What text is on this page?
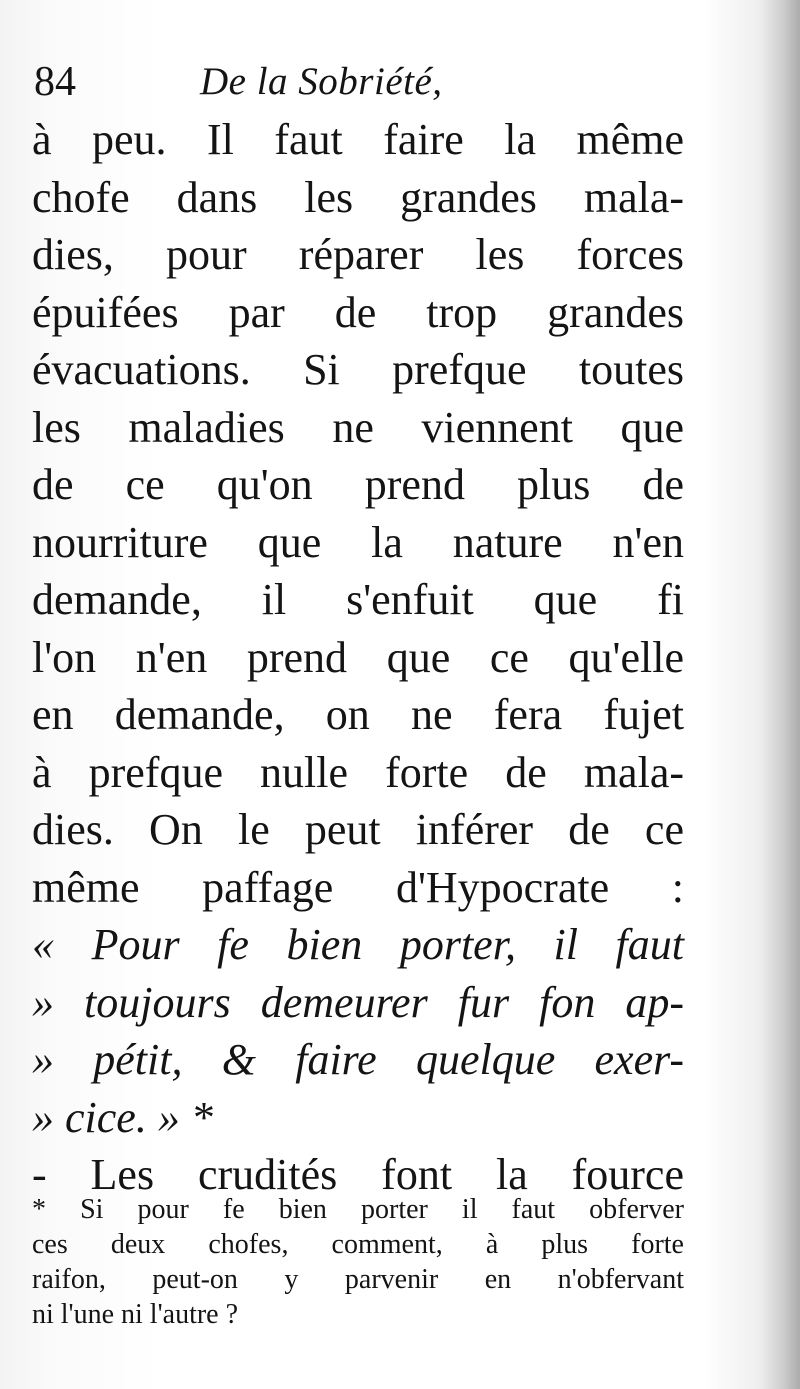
84	De la Sobriété,
à peu. Il faut faire la même
chofe dans les grandes mala-
dies, pour réparer les forces
épuifées par de trop grandes
évacuations. Si prefque toutes
les maladies ne viennent que
de ce qu'on prend plus de
nourriture que la nature n'en
demande, il s'enfuit que fi
l'on n'en prend que ce qu'elle
en demande, on ne fera fujet
à prefque nulle forte de mala-
dies. On le peut inférer de ce
même paffage d'Hypocrate :
« Pour fe bien porter, il faut
» toujours demeurer fur fon ap-
» pétit, & faire quelque exer-
» cice. » *
- Les crudités font la fource
* Si pour fe bien porter il faut obferver
ces deux chofes, comment, à plus forte
raifon, peut-on y parvenir en n'obfervant
ni l'une ni l'autre ?
